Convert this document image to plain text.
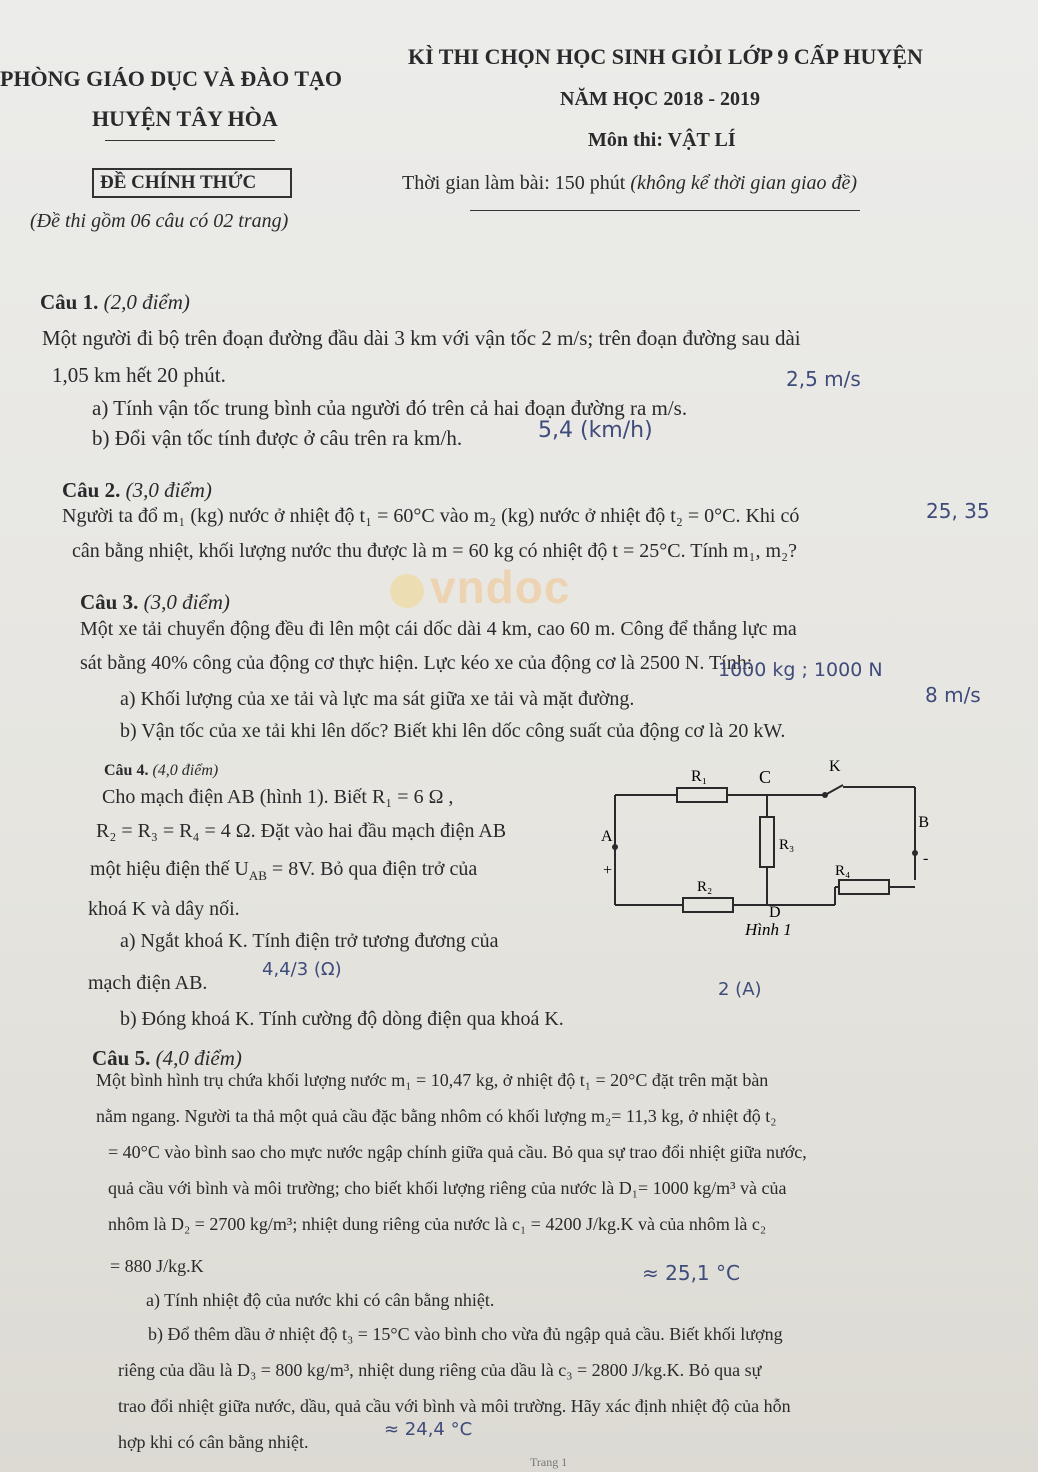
PHÒNG GIÁO DỤC VÀ ĐÀO TẠO
HUYỆN TÂY HÒA
KÌ THI CHỌN HỌC SINH GIỎI LỚP 9 CẤP HUYỆN
NĂM HỌC 2018 - 2019
Môn thi: VẬT LÍ
ĐỀ CHÍNH THỨC
(Đề thi gồm 06 câu có 02 trang)
Thời gian làm bài: 150 phút (không kể thời gian giao đề)
vndoc
Câu 1. (2,0 điểm)
Một người đi bộ trên đoạn đường đầu dài 3 km với vận tốc 2 m/s; trên đoạn đường sau dài
1,05 km hết 20 phút.
a) Tính vận tốc trung bình của người đó trên cả hai đoạn đường ra m/s.
2,5 m/s
b) Đổi vận tốc tính được ở câu trên ra km/h.	5,4 (km/h)
Câu 2. (3,0 điểm)
Người ta đổ m₁ (kg) nước ở nhiệt độ t₁ = 60°C vào m₂ (kg) nước ở nhiệt độ t₂ = 0°C. Khi có
cân bằng nhiệt, khối lượng nước thu được là m = 60 kg có nhiệt độ t = 25°C. Tính m₁, m₂?
25, 35
Câu 3. (3,0 điểm)
Một xe tải chuyển động đều đi lên một cái dốc dài 4 km, cao 60 m. Công để thắng lực ma
sát bằng 40% công của động cơ thực hiện. Lực kéo xe của động cơ là 2500 N. Tính:
a) Khối lượng của xe tải và lực ma sát giữa xe tải và mặt đường.
1000 kg ; 1000 N
b) Vận tốc của xe tải khi lên dốc? Biết khi lên dốc công suất của động cơ là 20 kW.
8 m/s
Câu 4. (4,0 điểm)
Cho mạch điện AB (hình 1). Biết R₁ = 6 Ω ,
R₂ = R₃ = R₄ = 4 Ω. Đặt vào hai đầu mạch điện AB
một hiệu điện thế $U_{AB} = 8V$. Bỏ qua điện trở của
khoá K và dây nối.
a) Ngắt khoá K. Tính điện trở tương đương của
mạch điện AB.
4,4/3 (Ω)
b) Đóng khoá K. Tính cường độ dòng điện qua khoá K.
2 (A)
R₁	C
K
A
B
R₃
R₂
R₄
D
+
-
Hình 1
Câu 5. (4,0 điểm)
Một bình hình trụ chứa khối lượng nước m₁ = 10,47 kg, ở nhiệt độ t₁ = 20°C đặt trên mặt bàn
nằm ngang. Người ta thả một quả cầu đặc bằng nhôm có khối lượng m₂= 11,3 kg, ở nhiệt độ t₂
= 40°C vào bình sao cho mực nước ngập chính giữa quả cầu. Bỏ qua sự trao đổi nhiệt giữa nước,
quả cầu với bình và môi trường; cho biết khối lượng riêng của nước là D₁= 1000 kg/m³ và của
nhôm là D₂ = 2700 kg/m³; nhiệt dung riêng của nước là c₁ = 4200 J/kg.K và của nhôm là c₂
= 880 J/kg.K
a) Tính nhiệt độ của nước khi có cân bằng nhiệt.
≈ 25,1 °C
b) Đổ thêm dầu ở nhiệt độ t₃ = 15°C vào bình cho vừa đủ ngập quả cầu. Biết khối lượng
riêng của dầu là D₃ = 800 kg/m³, nhiệt dung riêng của dầu là c₃ = 2800 J/kg.K. Bỏ qua sự
trao đổi nhiệt giữa nước, dầu, quả cầu với bình và môi trường. Hãy xác định nhiệt độ của hỗn
hợp khi có cân bằng nhiệt.
≈ 24,4 °C
Trang 1
